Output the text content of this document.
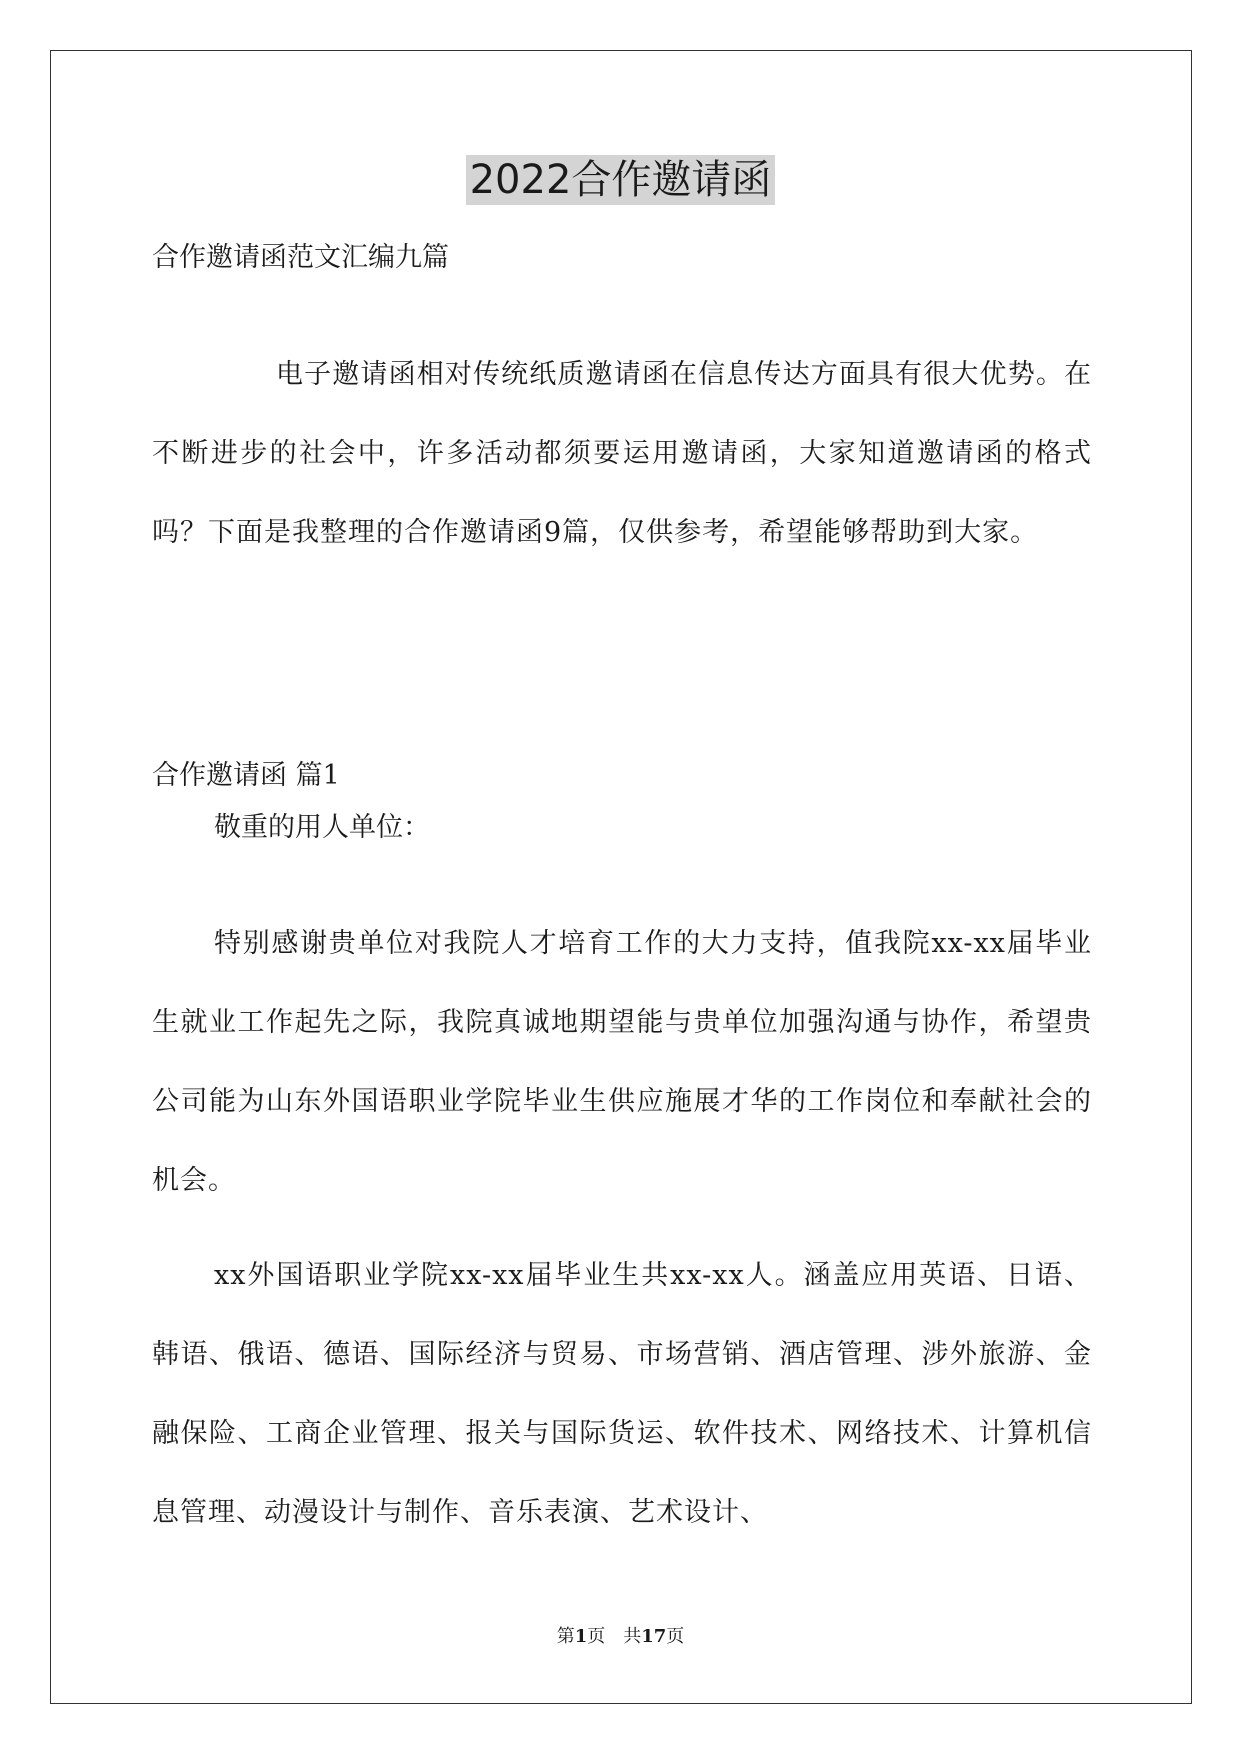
2022合作邀请函
合作邀请函范文汇编九篇
电子邀请函相对传统纸质邀请函在信息传达方面具有很大优势。在不断进步的社会中，许多活动都须要运用邀请函，大家知道邀请函的格式吗？下面是我整理的合作邀请函9篇，仅供参考，希望能够帮助到大家。
合作邀请函 篇1
敬重的用人单位：
特别感谢贵单位对我院人才培育工作的大力支持，值我院xx-xx届毕业生就业工作起先之际，我院真诚地期望能与贵单位加强沟通与协作，希望贵公司能为山东外国语职业学院毕业生供应施展才华的工作岗位和奉献社会的机会。
xx外国语职业学院xx-xx届毕业生共xx-xx人。涵盖应用英语、日语、韩语、俄语、德语、国际经济与贸易、市场营销、酒店管理、涉外旅游、金融保险、工商企业管理、报关与国际货运、软件技术、网络技术、计算机信息管理、动漫设计与制作、音乐表演、艺术设计、
第1页　共17页
